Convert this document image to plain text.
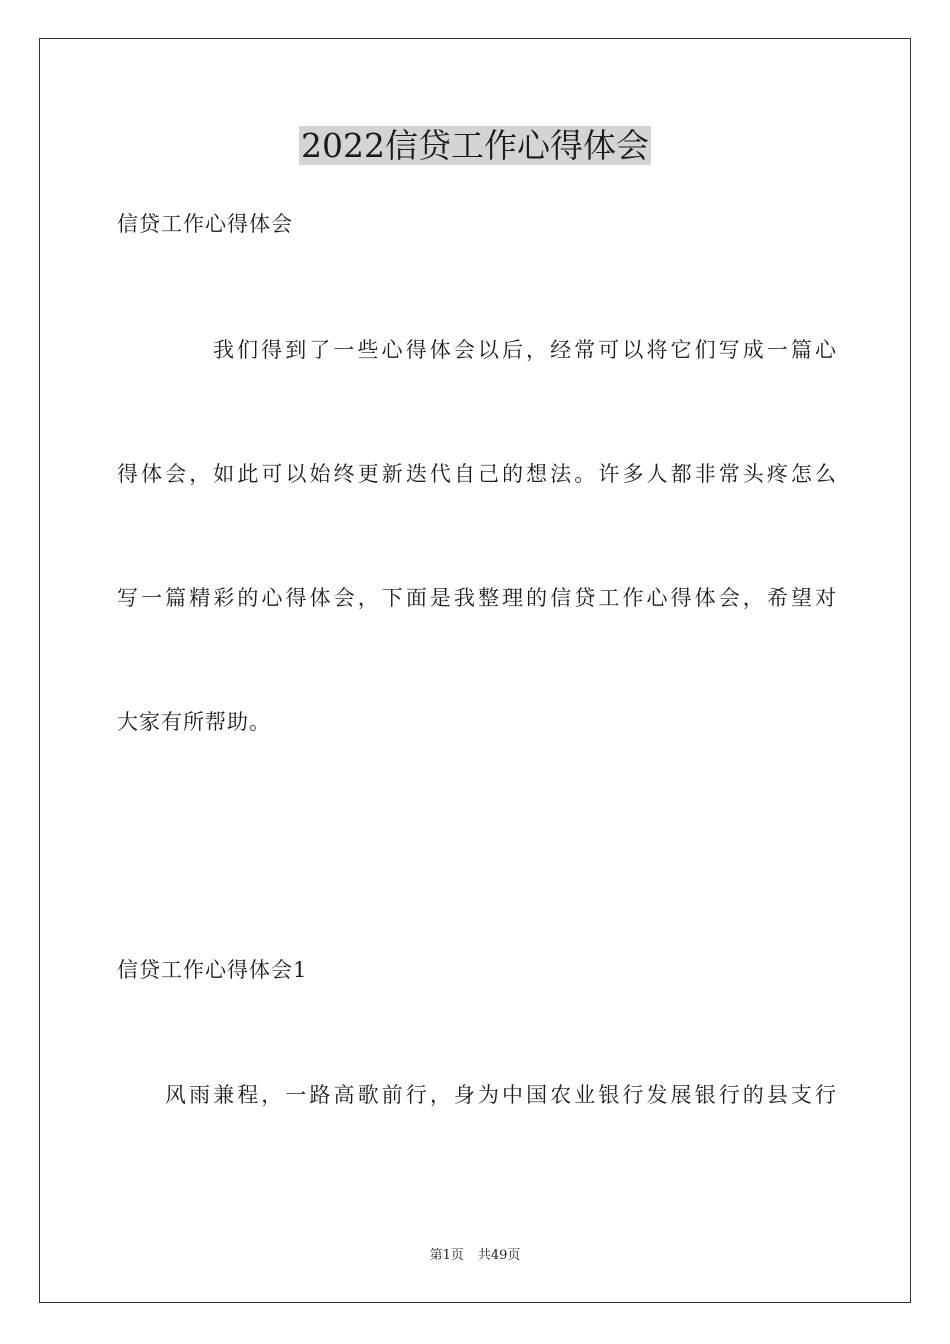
2022信贷工作心得体会
信贷工作心得体会
我们得到了一些心得体会以后，经常可以将它们写成一篇心
得体会，如此可以始终更新迭代自己的想法。许多人都非常头疼怎么
写一篇精彩的心得体会，下面是我整理的信贷工作心得体会，希望对
大家有所帮助。
信贷工作心得体会1
风雨兼程，一路高歌前行，身为中国农业银行发展银行的县支行
第1页 共49页
